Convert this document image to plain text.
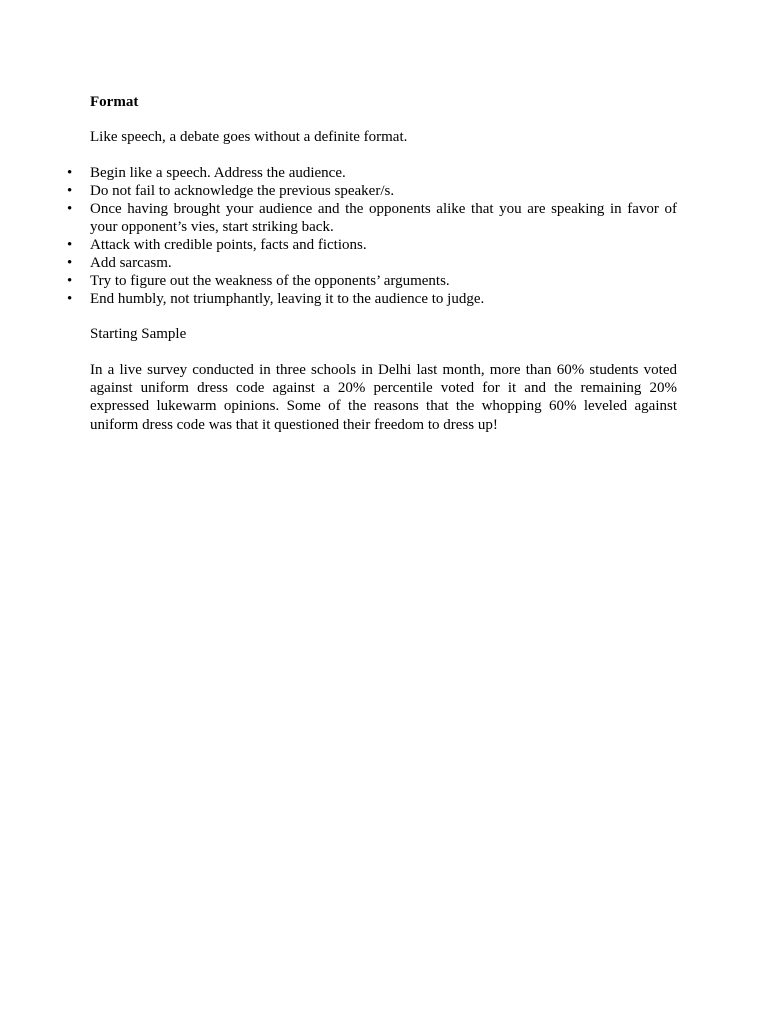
Format

Like speech, a debate goes without a definite format.

• Begin like a speech. Address the audience.
• Do not fail to acknowledge the previous speaker/s.
• Once having brought your audience and the opponents alike that you are speaking in favor of your opponent’s vies, start striking back.
• Attack with credible points, facts and fictions.
• Add sarcasm.
• Try to figure out the weakness of the opponents’ arguments.
• End humbly, not triumphantly, leaving it to the audience to judge.

Starting Sample

In a live survey conducted in three schools in Delhi last month, more than 60% students voted against uniform dress code against a 20% percentile voted for it and the remaining 20% expressed lukewarm opinions. Some of the reasons that the whopping 60% leveled against uniform dress code was that it questioned their freedom to dress up!
